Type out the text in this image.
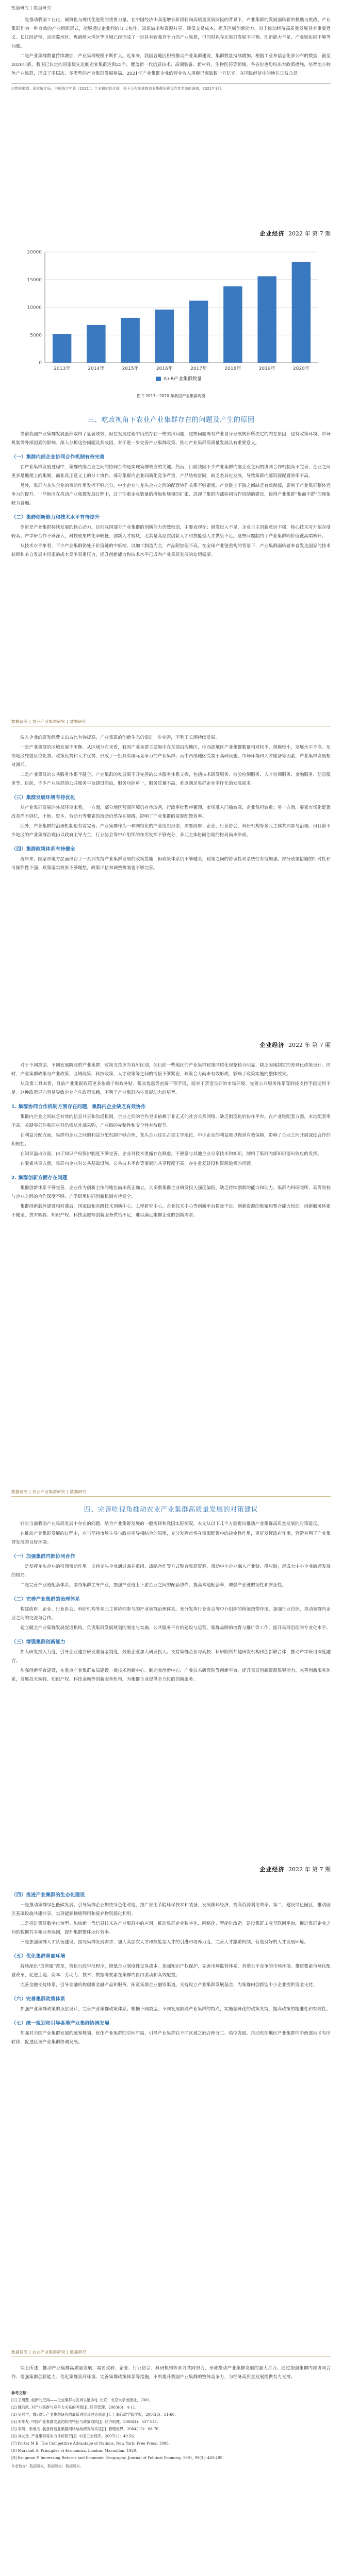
数据研究 | 数据研究

，是推动我国工业化、城镇化与现代化进程的重要力量。在中国经济由高速增长阶段转向高质量发展阶段的背景下，产业集群的发展面临新的机遇与挑战。产业集群作为一种有效的产业组织形式，能够通过企业间的分工协作、知识溢出和资源共享，降低交易成本，提升区域创新能力，对于推动经济高质量发展具有重要意义。长江经济带、京津冀地区、粤港澳大湾区等区域已经形成了一批具有较强竞争力的产业集群，但同时也存在集群发展不平衡、创新能力不足、产业链协同不够等问题。

二是产业集群数量持续增加，产业集群规模不断扩大。近年来，我国各地区积极推动产业集群建设，集群数量持续增加。根据工业和信息化部公布的数据，截至2020年底，我国已认定的国家级先进制造业集群达到25个，覆盖新一代信息技术、高端装备、新材料、生物医药等领域。各省份也纷纷出台政策措施，培育地方特色产业集群，形成了多层次、多类型的产业集群发展格局。2021年产业集群企业的营业收入规模已突破数十万亿元，在国民经济中的地位日益凸显。

①数据来源：国家统计局，中国统计年鉴（2021）；工业和信息化部，关于公布先进制造业集群决赛优胜者名单的通知，2021年3月。
企业经济 2022 年 第 7 期
0
5000
10000
15000
20000
2013年	2014年	2015年	2016年	2017年	2018年	2019年	2020年
A+B产业集群数量
图 1 2013—2020 年我国产业集群规模
三、吃政视角下农业产业集群存在的问题及产生的原因

当前我国产业集群发展虽然取得了显著成效，但在发展过程中仍然存在一些突出问题，这些问题既有产业自身发展规律所决定的内在原因，也有政策环境、市场机制等外部因素的影响。深入分析这些问题及其成因，对于进一步完善产业集群政策、推动产业集群高质量发展具有重要意义。

（一）集群内部企业协同合作机制有待完善

在产业集群发展过程中，集群内部企业之间的协同合作是实现集群效应的关键。然而，目前我国不少产业集群内部企业之间的协同合作机制尚不完善，企业之间更多是地理上的集聚，而非真正意义上的分工协作。部分集群内企业同质化竞争严重，产品结构雷同，缺乏差异化发展，导致集群内部资源配置效率不高。

另外，集群内龙头企业的带动作用发挥不够充分，中小企业与龙头企业之间的配套协作关系不够紧密，产业链上下游之间缺乏有效衔接，影响了产业集群整体竞争力的提升。一些地区在推动产业集群发展过程中，过于注重企业数量的增加和规模的扩张，忽视了集群内部协同合作机制的建设，使得产业集群“集而不群”的现象较为普遍。

（二）集群创新能力和技术水平有待提升

创新是产业集群持续发展的核心动力。目前我国部分产业集群的创新能力仍然较弱，主要表现在：研发投入不足，企业自主创新意识不强，核心技术对外依存度较高；产学研合作不够深入，科技成果转化率较低；创新人才短缺，尤其是高层次创新人才和技能型人才供给不足。这些问题制约了产业集群向价值链高端攀升。

从技术水平来看，不少产业集群仍处于价值链的中低端，以加工制造为主，产品附加值不高。在全球产业链重构的背景下，产业集群面临着来自发达国家的技术封锁和来自发展中国家的成本竞争双重压力，提升创新能力和技术水平已成为产业集群发展的迫切需要。

数据研究 | 农业产业集群研究 | 数据研究

选入企业的研发经费支出占比有待提高，产业集群的创新生态仍需进一步完善，不利于长期持续发展。

一是产业集群的区域发展不平衡。从区域分布来看，我国产业集群主要集中在东部沿海地区，中西部地区产业集群数量相对较少，规模较小，发展水平不高。东部地区凭借区位优势、政策优势和人才优势，形成了一批具有国际竞争力的产业集群；而中西部地区受制于基础设施、市场环境和人才储备等因素，产业集群发展相对滞后。

二是产业集群的公共服务体系不健全。产业集群的发展离不开完善的公共服务体系支撑，包括技术研发服务、检验检测服务、人才培训服务、金融服务、信息服务等。目前，不少产业集群的公共服务平台建设滞后，服务功能单一，服务质量不高，难以满足集群企业多样化的发展需求。

（三）集群发展环境有待优化

从产业集群发展的外部环境来看，一方面，部分地区营商环境仍有待改善，行政审批程序繁琐，市场准入门槛较高，企业负担较重；另一方面，要素市场化配置改革尚不到位，土地、资本、劳动力等要素的流动仍然存在障碍，影响了产业集群的资源配置效率。

此外，产业集群的治理机制也有待完善。产业集群作为一种网络化的产业组织形态，需要政府、企业、行业协会、科研机构等多元主体共同参与治理。但目前不少地区的产业集群治理仍以政府主导为主，行业协会等中介组织的作用发挥不够充分，多元主体协同治理的格局尚未形成。

（四）集群政策体系有待健全

近年来，国家和地方层面出台了一系列支持产业集群发展的政策措施，但政策体系仍不够健全，政策之间的协调性和系统性有待加强。部分政策措施的针对性和可操作性不强，政策落实效果不够理想，政策评估和调整机制也不够完善。

企业经济 2022 年 第 7 期

对于不同类型、不同发展阶段的产业集群，政策支持应当有所区别，但目前一些地区的产业集群政策同质化现象较为明显，缺乏因地制宜的差异化政策设计。同时，产业集群政策与产业政策、区域政策、科技政策、人才政策等之间的衔接不够紧密，政策合力尚未有效形成，影响了政策实施的整体效果。

从政策工具来看，目前产业集群政策更多依赖于财政补贴、税收优惠等直接干预手段，而对于营造良好的市场环境、完善公共服务体系等间接支持手段运用不足。这种政策导向容易导致企业产生政策依赖，不利于产业集群内生发展动力的培育。

1. 集群协同合作机制方面存在问题，集群内企业缺乏有效协作

集群内企业之间缺乏有效的信息共享和沟通机制，企业之间的合作更多依赖于非正式的社会关系网络，缺乏制度化的协作平台。在产业链配套方面，本地配套率不高，关键零部件和原材料仍需从外部采购，产业链的完整性和安全性有待提升。

在利益分配方面，集群内企业之间的利益分配机制不够合理，龙头企业往往占据主导地位，中小企业的利益难以得到有效保障，影响了企业之间开展深度合作的积极性。

在知识溢出方面，由于知识产权保护制度不够完善，企业对技术泄露存在顾虑，不愿意与其他企业分享技术和知识，制约了集群内部知识溢出效应的发挥。

在要素共享方面，集群内企业对公共基础设施、公共技术平台等要素的共享程度不高，存在重复建设和资源浪费的问题。

2. 集群创新方面存在问题

集群创新体系不够完善，企业作为创新主体的地位尚未真正确立。大多数集群企业研发投入强度偏低，缺乏持续创新的能力和动力。集群内科研院所、高等院校与企业之间的合作深度不够，产学研用协同创新机制有待健全。

集群创新载体建设相对滞后，国家级和省级技术创新中心、工程研究中心、企业技术中心等创新平台数量不足，创新资源的集聚和整合能力较弱。创新服务体系不健全，技术转移、知识产权、科技金融等创新服务供给不足，难以满足集群企业的创新需求。

数据研究 | 农业产业集群研究 | 数据研究
四、完善吃视角推动农业产业集群高质量发展的对策建议

针对当前我国产业集群发展中存在的问题，结合产业集群发展的一般规律和我国实际情况，本文从以下几个方面提出推动产业集群高质量发展的对策建议。

在推动产业集群发展的过程中，应当坚持市场主导与政府引导相结合的原则，充分发挥市场在资源配置中的决定性作用，更好发挥政府作用，营造有利于产业集群发展的良好环境。

（一）加强集群内部协同合作

一是发挥龙头企业的引领带动作用。支持龙头企业通过兼并重组、战略合作等方式整合集群资源，带动中小企业融入产业链、供应链，形成大中小企业融通发展的格局。

二是完善产业链配套体系。围绕集群主导产业，加强产业链上下游企业之间的配套协作，提高本地配套率，增强产业链的韧性和安全性。

（二）完善产业集群的治理体系

构建政府、企业、行业协会、科研机构等多元主体协同参与的产业集群治理体系。充分发挥行业协会等中介组织的桥梁纽带作用，加强行业自律，推动集群内企业之间的交流与合作。

建立健全产业集群发展促进机构，负责集群发展规划的制定与实施、公共服务平台的建设与运营、集群品牌的培育与推广等工作，提升集群治理的专业化水平。

（三）增强集群创新能力

加大研发投入力度，引导企业建立研发准备金制度，鼓励企业加大研发投入。支持集群企业与高校、科研院所共建研发机构和创新联合体，推动产学研用深度融合。

加强创新平台建设，在重点产业集群布局建设一批技术创新中心、制造业创新中心、产业技术研究院等创新平台，提升集群创新资源集聚能力。完善创新服务体系，发展技术转移、知识产权、科技金融等创新服务机构，为集群企业提供全方位的创新服务。

企业经济 2022 年 第 7 期
（四）推进产业集群的生态化建设

一是推动集群绿色低碳发展。引导集群企业加快绿色化改造，推广应用节能环保技术和装备，发展循环经济，提高资源利用效率。第二，建设绿色园区，推动园区基础设施共建共享，实现能源梯级利用和废弃物资源化利用。

二是推进集群数字化转型。加快新一代信息技术在产业集群中的应用，推动集群企业数字化、网络化、智能化改造。建设集群工业互联网平台，促进集群企业之间的数据共享和业务协同，提升集群整体运行效率。

三是加强集群人才队伍建设。围绕集群发展需求，加大高层次人才和技能型人才的引进和培养力度，完善人才激励机制，营造良好的人才发展环境。

（五）优化集群营商环境

持续深化“放管服”改革，简化行政审批程序，降低企业制度性交易成本。加强知识产权保护，完善市场监管体系，营造公平竞争的市场环境。推进要素市场化配置改革，促进土地、资本、劳动力、技术、数据等要素在集群内自由流动和高效配置。

完善金融支持体系，引导金融机构创新金融产品和服务，拓宽集群企业融资渠道。支持设立产业集群发展基金，为集群内创新型中小企业提供资金支持。

（六）完善集群政策体系

加强产业集群政策的顶层设计，完善产业集群政策体系。根据不同类型、不同发展阶段产业集群的特点，实施差异化的政策支持，提高政策的精准性和有效性。

（七）统一规划和引导各地产业集群协调发展

加强对全国产业集群发展的统筹规划，优化产业集群的空间布局，引导产业集群在不同区域之间合理分工、错位发展。推动东部地区产业集群向中西部地区有序转移，促进区域产业集群协调发展。

数据研究 | 农业产业集群研究 | 数据研究

综上所述，推动产业集群高质量发展，需要政府、企业、行业协会、科研机构等多方共同努力，形成推动产业集群发展的强大合力。通过加强集群内部协同合作、增强集群创新能力、优化集群营商环境、完善集群政策体系等措施，不断提升我国产业集群的整体竞争力，为经济高质量发展提供有力支撑。

参考文献：

[1] 王缉慈. 创新的空间——企业集群与区域发展[M]. 北京：北京大学出版社，2001.

[2] 魏后凯. 对产业集群与竞争力关系的考察[J]. 经济管理，2003(6)：4-11.

[3] 吴利学，魏后凯. 产业集群研究的最新进展及理论前沿[J]. 上海行政学院学报，2004(3)：51-60.

[4] 朱华友. 中国产业集群发展的阶段特征与政策取向[J]. 经济地理，2008(4)：537-541.

[5] 李凯，李世杰. 装备制造业集群网络结构研究与实证[J]. 管理世界，2004(12)：68-76.

[6] 刘友金. 产业集群竞争力评价研究[J]. 中国工业经济，2007(1)：49-56.

[7] Porter M E. The Competitive Advantage of Nations. New York: Free Press, 1990.

[8] Marshall A. Principles of Economics. London: Macmillan, 1920.

[9] Krugman P. Increasing Returns and Economic Geography. Journal of Political Economy, 1991, 99(3): 483-499.

作者简介：数据研究，数据研究；数据研究。
